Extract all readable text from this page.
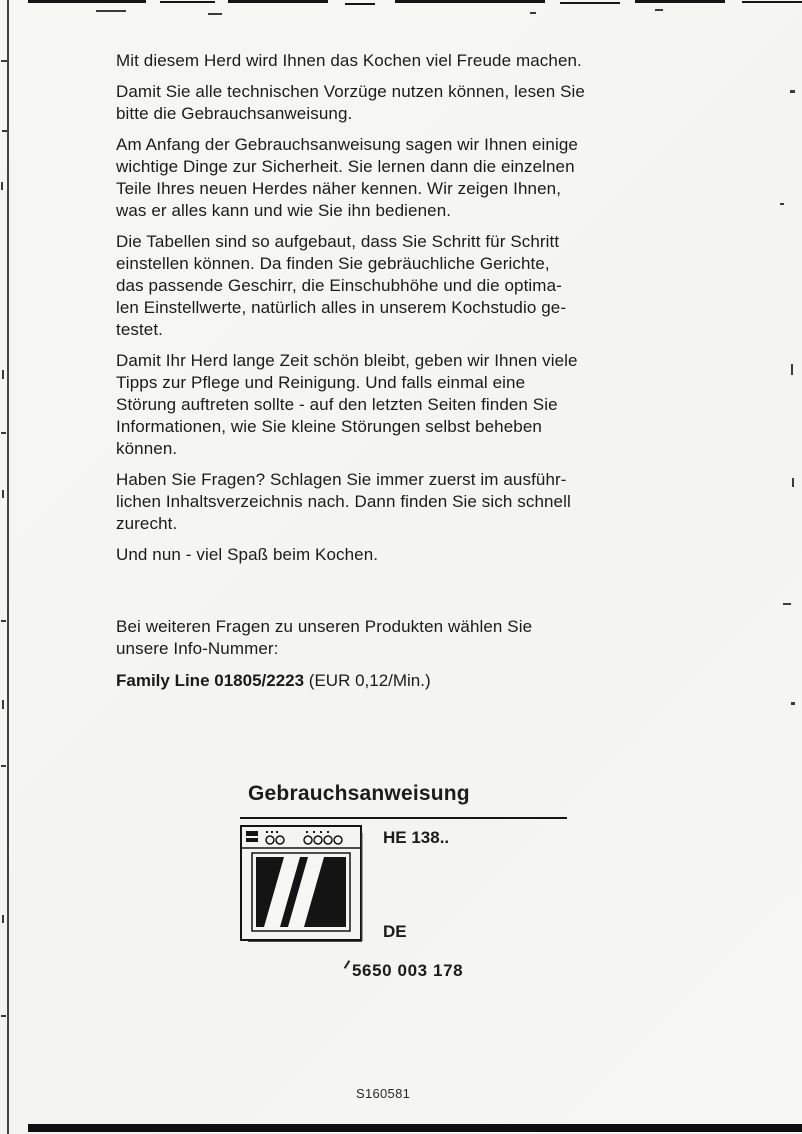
Mit diesem Herd wird Ihnen das Kochen viel Freude machen.

Damit Sie alle technischen Vorzüge nutzen können, lesen Sie
bitte die Gebrauchsanweisung.

Am Anfang der Gebrauchsanweisung sagen wir Ihnen einige
wichtige Dinge zur Sicherheit. Sie lernen dann die einzelnen
Teile Ihres neuen Herdes näher kennen. Wir zeigen Ihnen,
was er alles kann und wie Sie ihn bedienen.

Die Tabellen sind so aufgebaut, dass Sie Schritt für Schritt
einstellen können. Da finden Sie gebräuchliche Gerichte,
das passende Geschirr, die Einschubhöhe und die optima-
len Einstellwerte, natürlich alles in unserem Kochstudio ge-
testet.

Damit Ihr Herd lange Zeit schön bleibt, geben wir Ihnen viele
Tipps zur Pflege und Reinigung. Und falls einmal eine
Störung auftreten sollte - auf den letzten Seiten finden Sie
Informationen, wie Sie kleine Störungen selbst beheben
können.

Haben Sie Fragen? Schlagen Sie immer zuerst im ausführ-
lichen Inhaltsverzeichnis nach. Dann finden Sie sich schnell
zurecht.

Und nun - viel Spaß beim Kochen.

Bei weiteren Fragen zu unseren Produkten wählen Sie
unsere Info-Nummer:

Family Line 01805/2223 (EUR 0,12/Min.)

Gebrauchsanweisung
HE 138..
DE
5650 003 178
S160581
